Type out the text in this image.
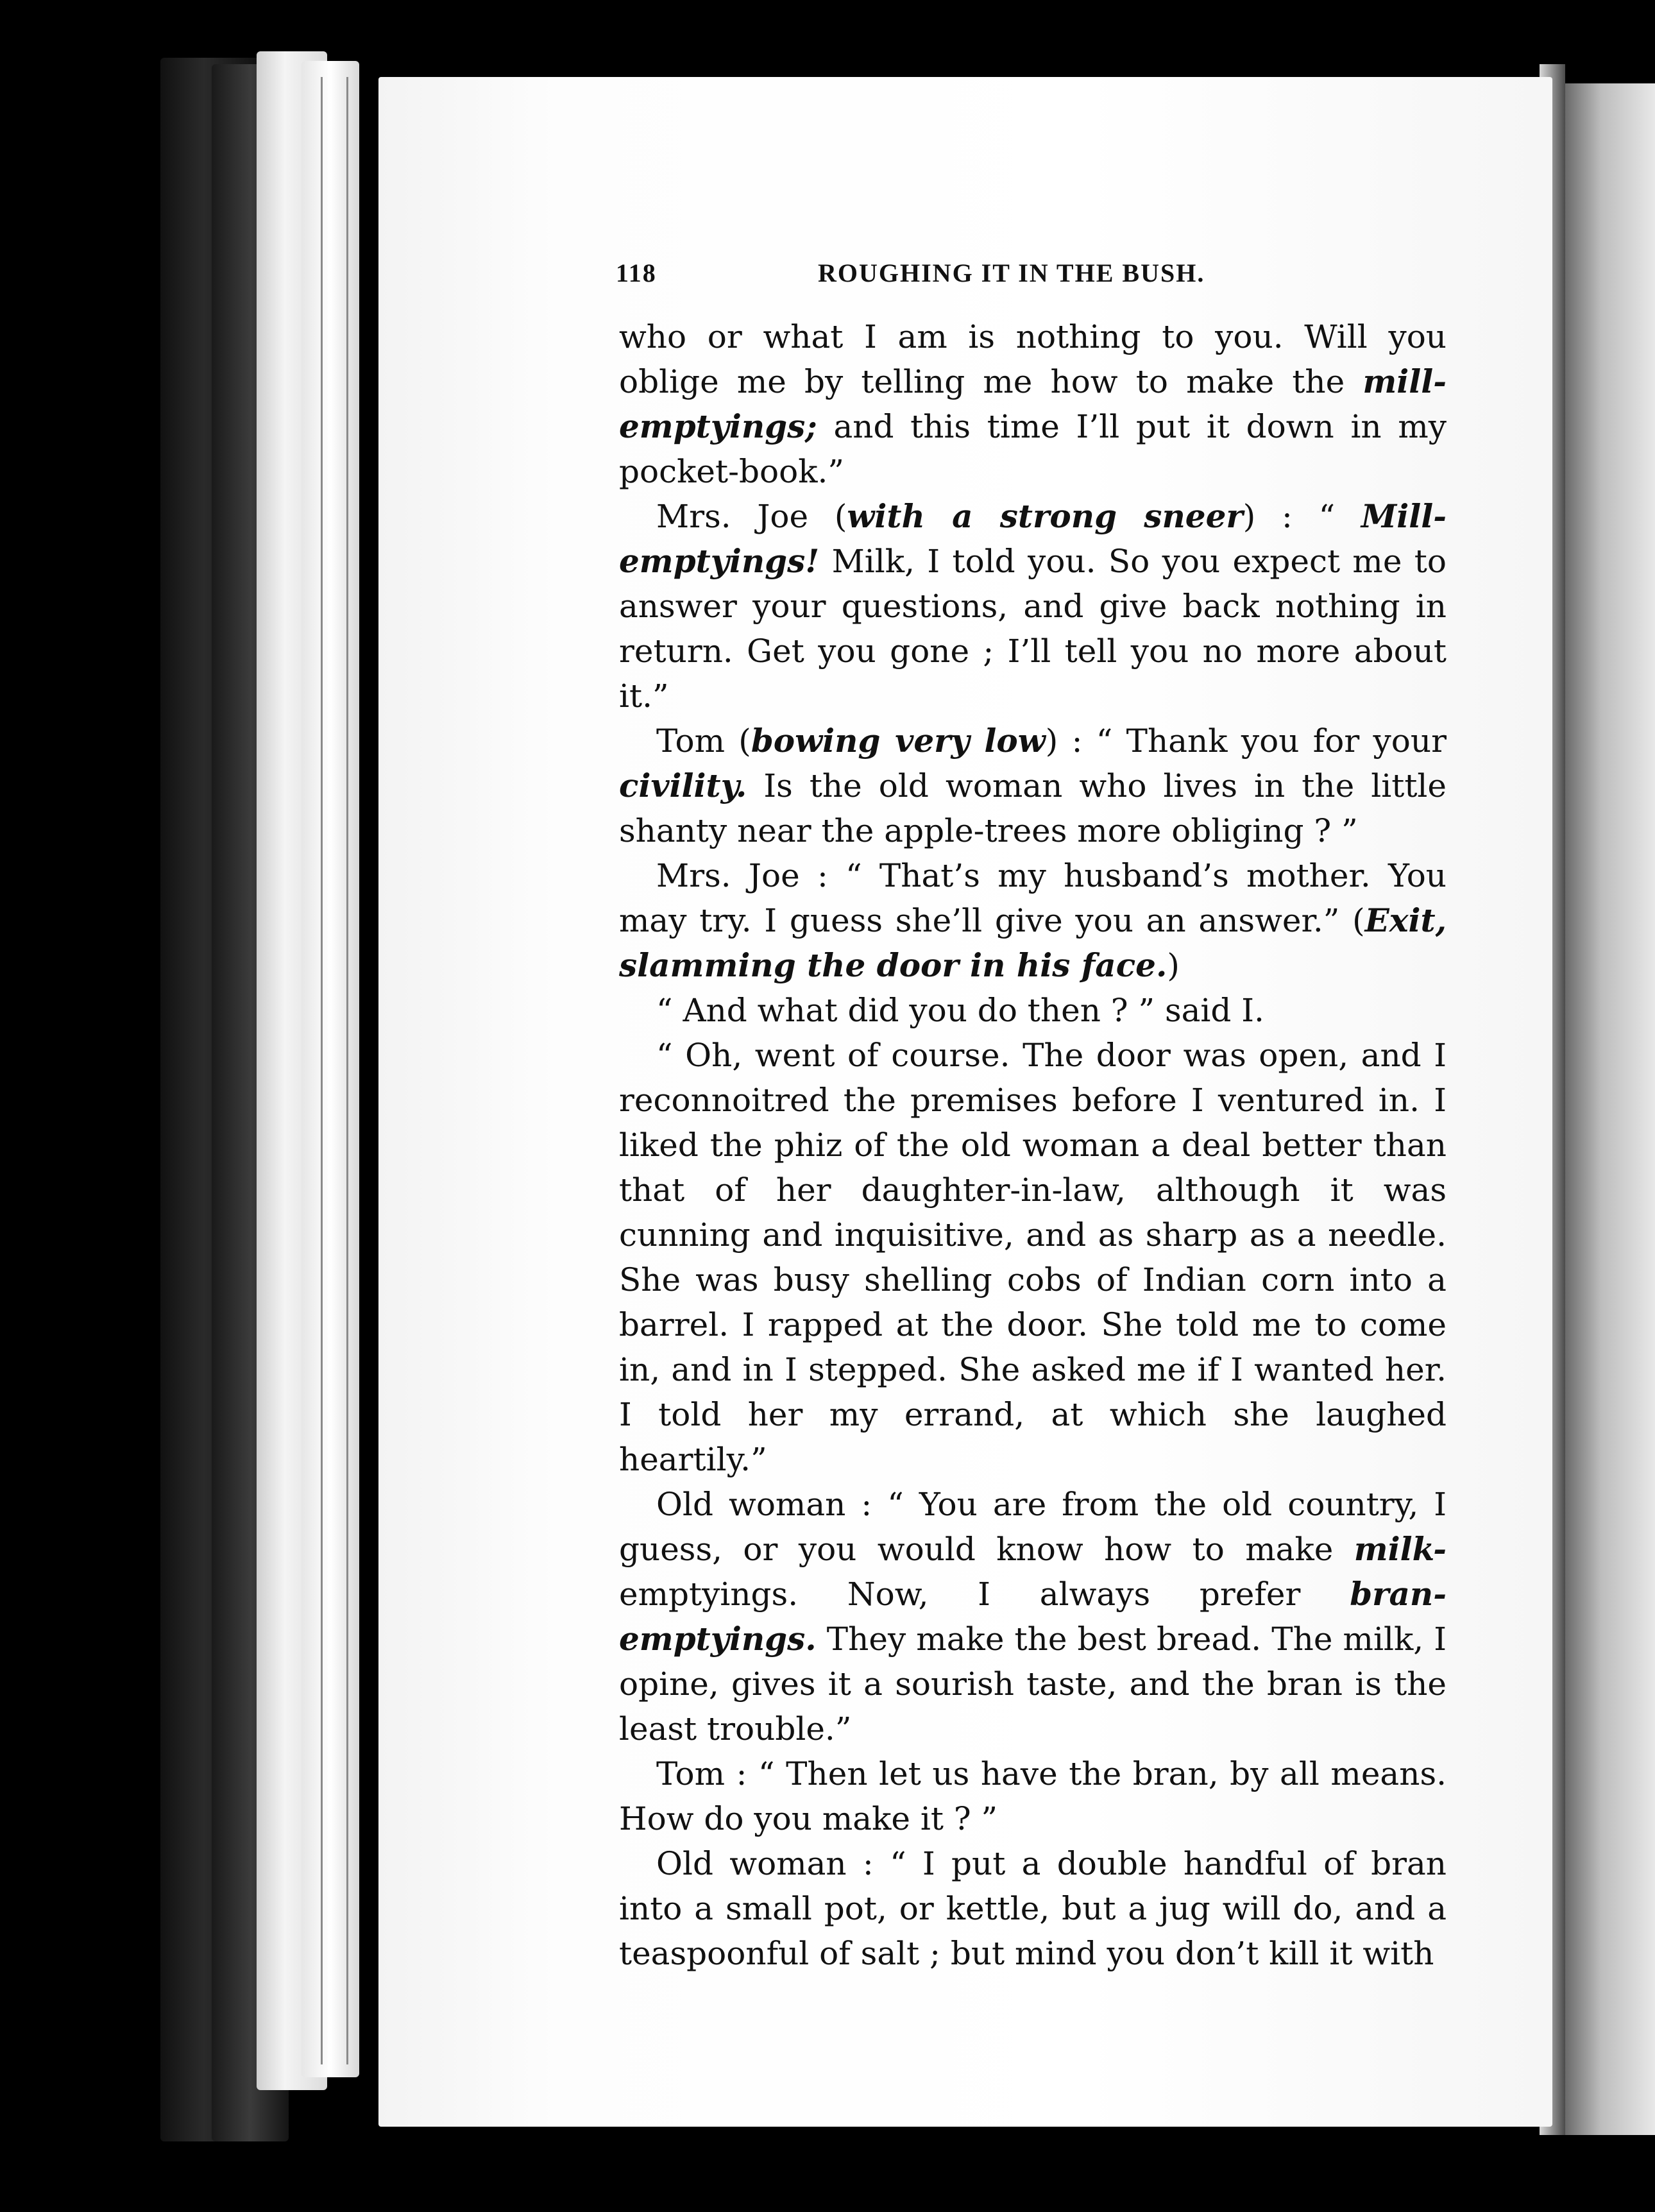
118	ROUGHING IT IN THE BUSH.

who or what I am is nothing to you. Will you oblige me by telling me how to make the mill-emptyings; and this time I’ll put it down in my pocket-book.”

Mrs. Joe (with a strong sneer) : “ Mill-emptyings! Milk, I told you. So you expect me to answer your questions, and give back nothing in return. Get you gone ; I’ll tell you no more about it.”

Tom (bowing very low) : “ Thank you for your civility. Is the old woman who lives in the little shanty near the apple-trees more obliging ? ”

Mrs. Joe : “ That’s my husband’s mother. You may try. I guess she’ll give you an answer.” (Exit, slamming the door in his face.)

“ And what did you do then ? ” said I.

“ Oh, went of course. The door was open, and I reconnoitred the premises before I ventured in. I liked the phiz of the old woman a deal better than that of her daughter-in-law, although it was cunning and inquisitive, and as sharp as a needle. She was busy shelling cobs of Indian corn into a barrel. I rapped at the door. She told me to come in, and in I stepped. She asked me if I wanted her. I told her my errand, at which she laughed heartily.”

Old woman : “ You are from the old country, I guess, or you would know how to make milk-emptyings. Now, I always prefer bran-emptyings. They make the best bread. The milk, I opine, gives it a sourish taste, and the bran is the least trouble.”

Tom : “ Then let us have the bran, by all means. How do you make it ? ”

Old woman : “ I put a double handful of bran into a small pot, or kettle, but a jug will do, and a teaspoonful of salt ; but mind you don’t kill it with
